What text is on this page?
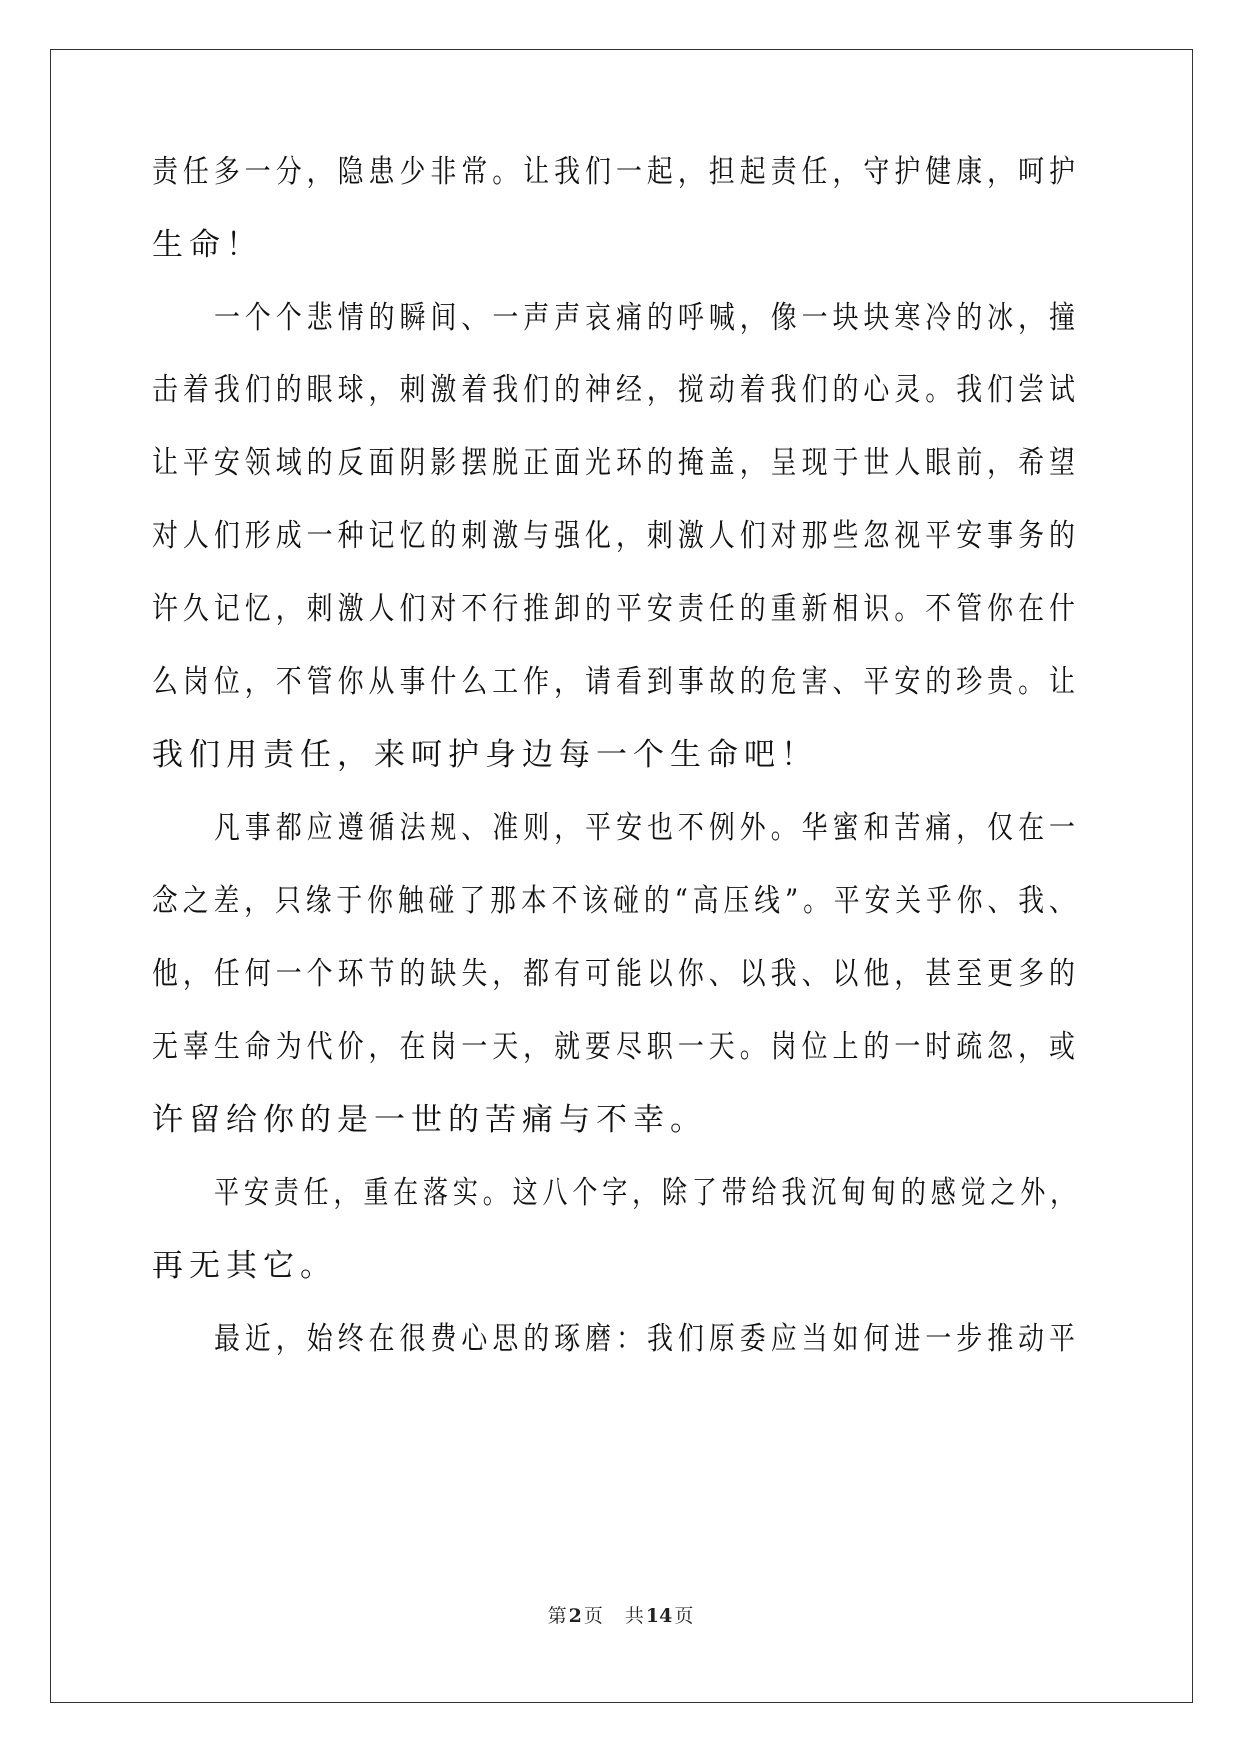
责任多一分，隐患少非常。让我们一起，担起责任，守护健康，呵护

生命！

一个个悲情的瞬间、一声声哀痛的呼喊，像一块块寒冷的冰，撞

击着我们的眼球，刺激着我们的神经，搅动着我们的心灵。我们尝试

让平安领域的反面阴影摆脱正面光环的掩盖，呈现于世人眼前，希望

对人们形成一种记忆的刺激与强化，刺激人们对那些忽视平安事务的

许久记忆，刺激人们对不行推卸的平安责任的重新相识。不管你在什

么岗位，不管你从事什么工作，请看到事故的危害、平安的珍贵。让

我们用责任，来呵护身边每一个生命吧！

凡事都应遵循法规、准则，平安也不例外。华蜜和苦痛，仅在一

念之差，只缘于你触碰了那本不该碰的“高压线”。平安关乎你、我、

他，任何一个环节的缺失，都有可能以你、以我、以他，甚至更多的

无辜生命为代价，在岗一天，就要尽职一天。岗位上的一时疏忽，或

许留给你的是一世的苦痛与不幸。

平安责任，重在落实。这八个字，除了带给我沉甸甸的感觉之外，

再无其它。

最近，始终在很费心思的琢磨：我们原委应当如何进一步推动平

第 2 页 共 14 页
